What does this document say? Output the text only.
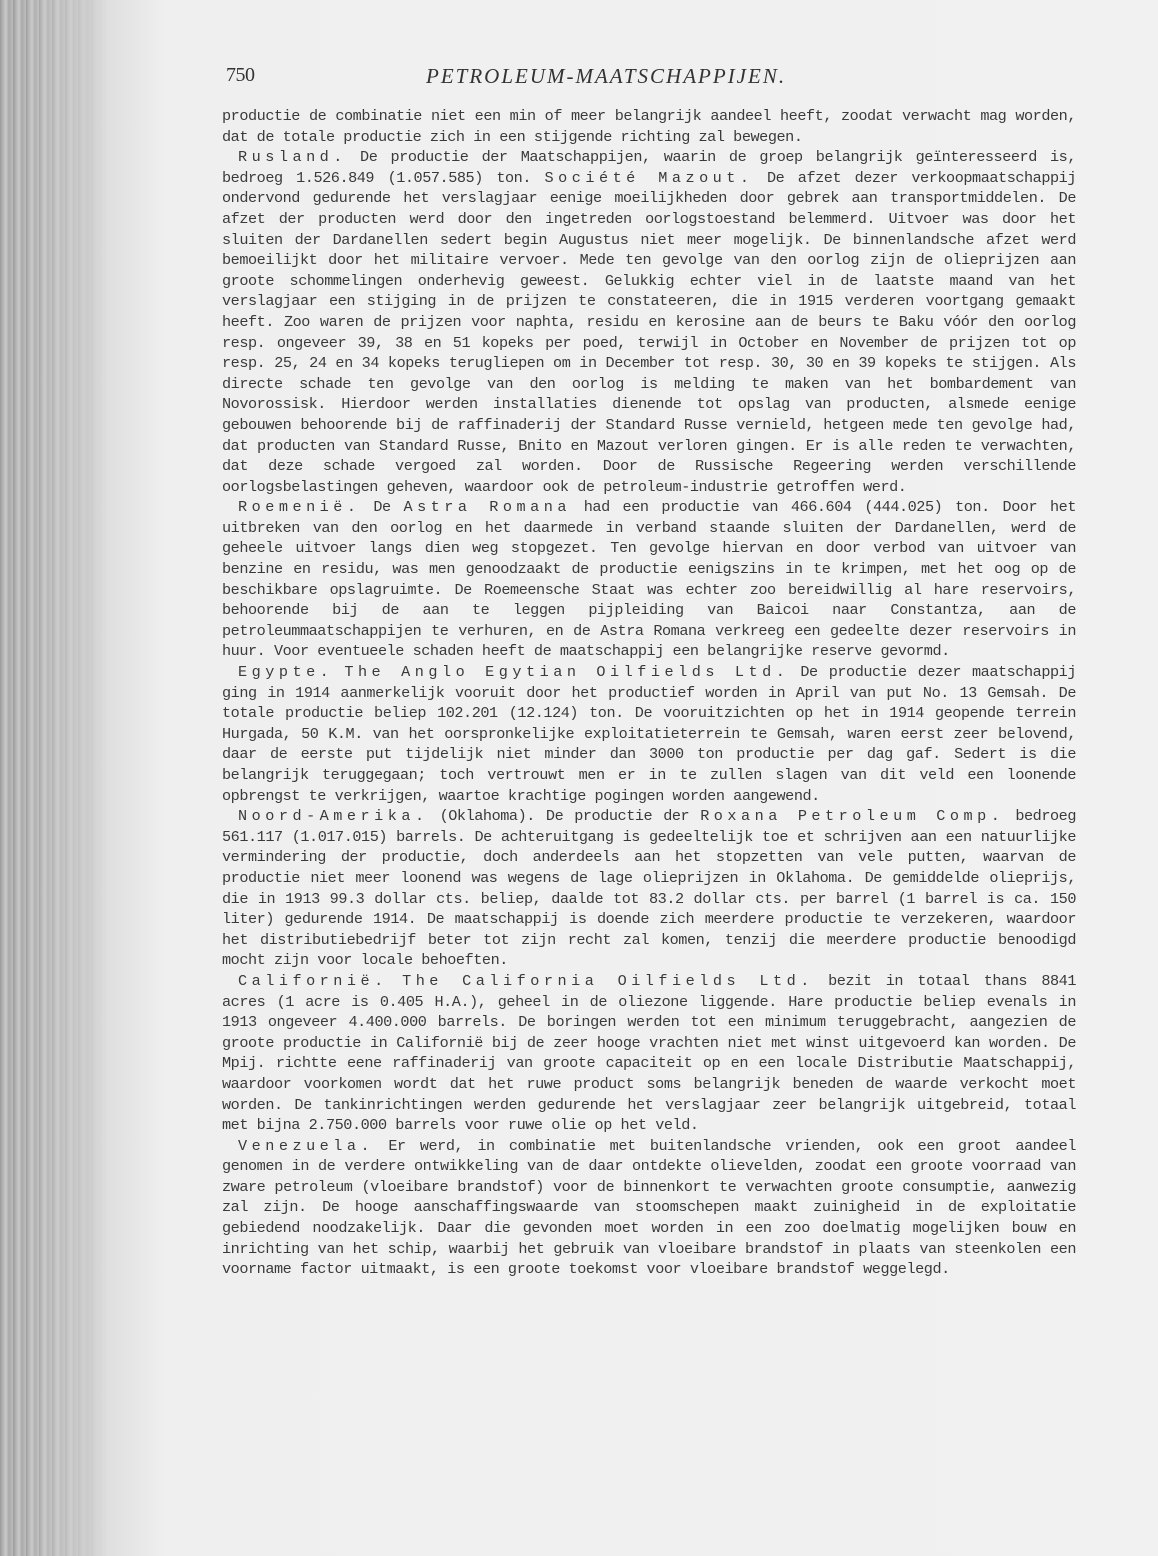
750	PETROLEUM-MAATSCHAPPIJEN.

productie de combinatie niet een min of meer belangrijk aandeel heeft, zoodat verwacht mag worden, dat de totale productie zich in een stijgende richting zal bewegen.

Rusland. De productie der Maatschappijen, waarin de groep belangrijk geïnteresseerd is, bedroeg 1.526.849 (1.057.585) ton. Société Mazout. De afzet dezer verkoopmaatschappij ondervond gedurende het verslagjaar eenige moeilijkheden door gebrek aan transportmiddelen. De afzet der producten werd door den ingetreden oorlogstoestand belemmerd. Uitvoer was door het sluiten der Dardanellen sedert begin Augustus niet meer mogelijk. De binnenlandsche afzet werd bemoeilijkt door het militaire vervoer. Mede ten gevolge van den oorlog zijn de olieprijzen aan groote schommelingen onderhevig geweest. Gelukkig echter viel in de laatste maand van het verslagjaar een stijging in de prijzen te constateeren, die in 1915 verderen voortgang gemaakt heeft. Zoo waren de prijzen voor naphta, residu en kerosine aan de beurs te Baku vóór den oorlog resp. ongeveer 39, 38 en 51 kopeks per poed, terwijl in October en November de prijzen tot op resp. 25, 24 en 34 kopeks terugliepen om in December tot resp. 30, 30 en 39 kopeks te stijgen. Als directe schade ten gevolge van den oorlog is melding te maken van het bombardement van Novorossisk. Hierdoor werden installaties dienende tot opslag van producten, alsmede eenige gebouwen behoorende bij de raffinaderij der Standard Russe vernield, hetgeen mede ten gevolge had, dat producten van Standard Russe, Bnito en Mazout verloren gingen. Er is alle reden te verwachten, dat deze schade vergoed zal worden. Door de Russische Regeering werden verschillende oorlogsbelastingen geheven, waardoor ook de petroleum-industrie getroffen werd.

Roemenië. De Astra Romana had een productie van 466.604 (444.025) ton. Door het uitbreken van den oorlog en het daarmede in verband staande sluiten der Dardanellen, werd de geheele uitvoer langs dien weg stopgezet. Ten gevolge hiervan en door verbod van uitvoer van benzine en residu, was men genoodzaakt de productie eenigszins in te krimpen, met het oog op de beschikbare opslagruimte. De Roemeensche Staat was echter zoo bereidwillig al hare reservoirs, behoorende bij de aan te leggen pijpleiding van Baicoi naar Constantza, aan de petroleummaatschappijen te verhuren, en de Astra Romana verkreeg een gedeelte dezer reservoirs in huur. Voor eventueele schaden heeft de maatschappij een belangrijke reserve gevormd.

Egypte. The Anglo Egytian Oilfields Ltd. De productie dezer maatschappij ging in 1914 aanmerkelijk vooruit door het productief worden in April van put No. 13 Gemsah. De totale productie beliep 102.201 (12.124) ton. De vooruitzichten op het in 1914 geopende terrein Hurgada, 50 K.M. van het oorspronkelijke exploitatieterrein te Gemsah, waren eerst zeer belovend, daar de eerste put tijdelijk niet minder dan 3000 ton productie per dag gaf. Sedert is die belangrijk teruggegaan; toch vertrouwt men er in te zullen slagen van dit veld een loonende opbrengst te verkrijgen, waartoe krachtige pogingen worden aangewend.

Noord-Amerika. (Oklahoma). De productie der Roxana Petroleum Comp. bedroeg 561.117 (1.017.015) barrels. De achteruitgang is gedeeltelijk toe et schrijven aan een natuurlijke vermindering der productie, doch anderdeels aan het stopzetten van vele putten, waarvan de productie niet meer loonend was wegens de lage olieprijzen in Oklahoma. De gemiddelde olieprijs, die in 1913 99.3 dollar cts. beliep, daalde tot 83.2 dollar cts. per barrel (1 barrel is ca. 150 liter) gedurende 1914. De maatschappij is doende zich meerdere productie te verzekeren, waardoor het distributiebedrijf beter tot zijn recht zal komen, tenzij die meerdere productie benoodigd mocht zijn voor locale behoeften.

Californië. The California Oilfields Ltd. bezit in totaal thans 8841 acres (1 acre is 0.405 H.A.), geheel in de oliezone liggende. Hare productie beliep evenals in 1913 ongeveer 4.400.000 barrels. De boringen werden tot een minimum teruggebracht, aangezien de groote productie in Californië bij de zeer hooge vrachten niet met winst uitgevoerd kan worden. De Mpij. richtte eene raffinaderij van groote capaciteit op en een locale Distributie Maatschappij, waardoor voorkomen wordt dat het ruwe product soms belangrijk beneden de waarde verkocht moet worden. De tankinrichtingen werden gedurende het verslagjaar zeer belangrijk uitgebreid, totaal met bijna 2.750.000 barrels voor ruwe olie op het veld.

Venezuela. Er werd, in combinatie met buitenlandsche vrienden, ook een groot aandeel genomen in de verdere ontwikkeling van de daar ontdekte olievelden, zoodat een groote voorraad van zware petroleum (vloeibare brandstof) voor de binnenkort te verwachten groote consumptie, aanwezig zal zijn. De hooge aanschaffingswaarde van stoomschepen maakt zuinigheid in de exploitatie gebiedend noodzakelijk. Daar die gevonden moet worden in een zoo doelmatig mogelijken bouw en inrichting van het schip, waarbij het gebruik van vloeibare brandstof in plaats van steenkolen een voorname factor uitmaakt, is een groote toekomst voor vloeibare brandstof weggelegd.
